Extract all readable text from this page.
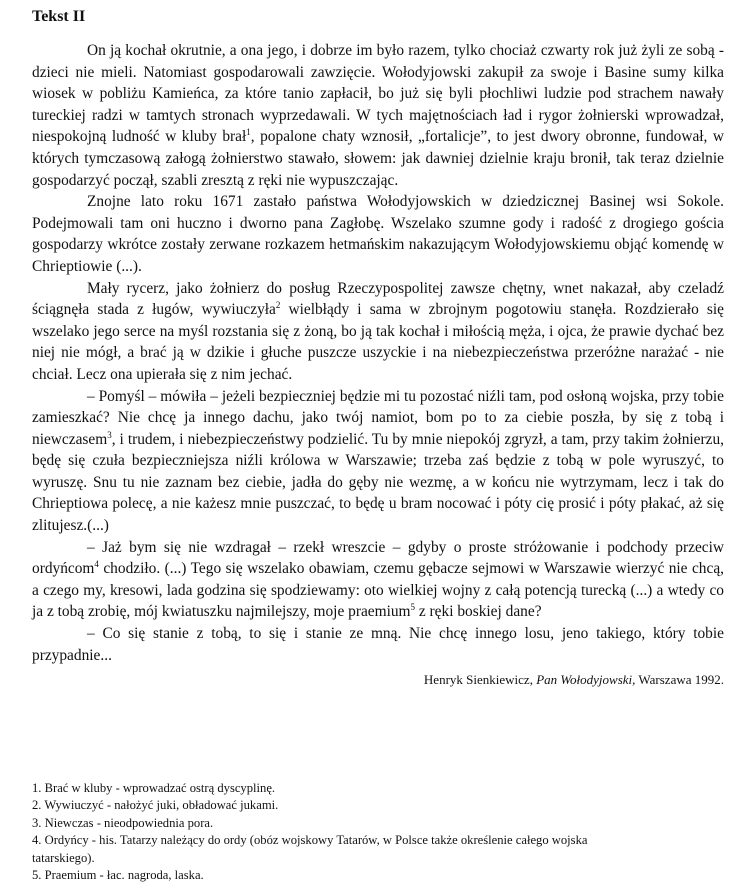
Tekst II

On ją kochał okrutnie, a ona jego, i dobrze im było razem, tylko chociaż czwarty rok już żyli ze sobą - dzieci nie mieli. Natomiast gospodarowali zawzięcie. Wołodyjowski zakupił za swoje i Basine sumy kilka wiosek w pobliżu Kamieńca, za które tanio zapłacił, bo już się byli płochliwi ludzie pod strachem nawały tureckiej radzi w tamtych stronach wyprzedawali. W tych majętnościach ład i rygor żołnierski wprowadzał, niespokojną ludność w kluby brał$^1$, popalone chaty wznosił, „fortalicje”, to jest dwory obronne, fundował, w których tymczasową załogą żołnierstwo stawało, słowem: jak dawniej dzielnie kraju bronił, tak teraz dzielnie gospodarzyć począł, szabli zresztą z ręki nie wypuszczając.

Znojne lato roku 1671 zastało państwa Wołodyjowskich w dziedzicznej Basinej wsi Sokole. Podejmowali tam oni huczno i dworno pana Zagłobę. Wszelako szumne gody i radość z drogiego gościa gospodarzy wkrótce zostały zerwane rozkazem hetmańskim nakazującym Wołodyjowskiemu objąć komendę w Chrieptiowie (...).

Mały rycerz, jako żołnierz do posług Rzeczypospolitej zawsze chętny, wnet nakazał, aby czeladź ściągnęła stada z ługów, wywiuczyła$^2$ wielbłądy i sama w zbrojnym pogotowiu stanęła. Rozdzierało się wszelako jego serce na myśl rozstania się z żoną, bo ją tak kochał i miłością męża, i ojca, że prawie dychać bez niej nie mógł, a brać ją w dzikie i głuche puszcze uszyckie i na niebezpieczeństwa przeróżne narażać - nie chciał. Lecz ona upierała się z nim jechać.

– Pomyśl – mówiła – jeżeli bezpieczniej będzie mi tu pozostać niźli tam, pod osłoną wojska, przy tobie zamieszkać? Nie chcę ja innego dachu, jako twój namiot, bom po to za ciebie poszła, by się z tobą i niewczasem$^3$, i trudem, i niebezpieczeństwy podzielić. Tu by mnie niepokój zgryzł, a tam, przy takim żołnierzu, będę się czuła bezpieczniejsza niźli królowa w Warszawie; trzeba zaś będzie z tobą w pole wyruszyć, to wyruszę. Snu tu nie zaznam bez ciebie, jadła do gęby nie wezmę, a w końcu nie wytrzymam, lecz i tak do Chrieptiowa polecę, a nie każesz mnie puszczać, to będę u bram nocować i póty cię prosić i póty płakać, aż się zlitujesz.(...)

– Jaż bym się nie wzdragał – rzekł wreszcie – gdyby o proste stróżowanie i podchody przeciw ordyńcom$^4$ chodziło. (...) Tego się wszelako obawiam, czemu gębacze sejmowi w Warszawie wierzyć nie chcą, a czego my, kresowi, lada godzina się spodziewamy: oto wielkiej wojny z całą potencją turecką (...) a wtedy co ja z tobą zrobię, mój kwiatuszku najmilejszy, moje praemium$^5$ z ręki boskiej dane?

– Co się stanie z tobą, to się i stanie ze mną. Nie chcę innego losu, jeno takiego, który tobie przypadnie...

Henryk Sienkiewicz, Pan Wołodyjowski, Warszawa 1992.
1. Brać w kluby - wprowadzać ostrą dyscyplinę.
2. Wywiuczyć - nałożyć juki, obładować jukami.
3. Niewczas - nieodpowiednia pora.
4. Ordyńcy - his. Tatarzy należący do ordy (obóz wojskowy Tatarów, w Polsce także określenie całego wojska
tatarskiego).
5. Praemium - łac. nagroda, laska.
